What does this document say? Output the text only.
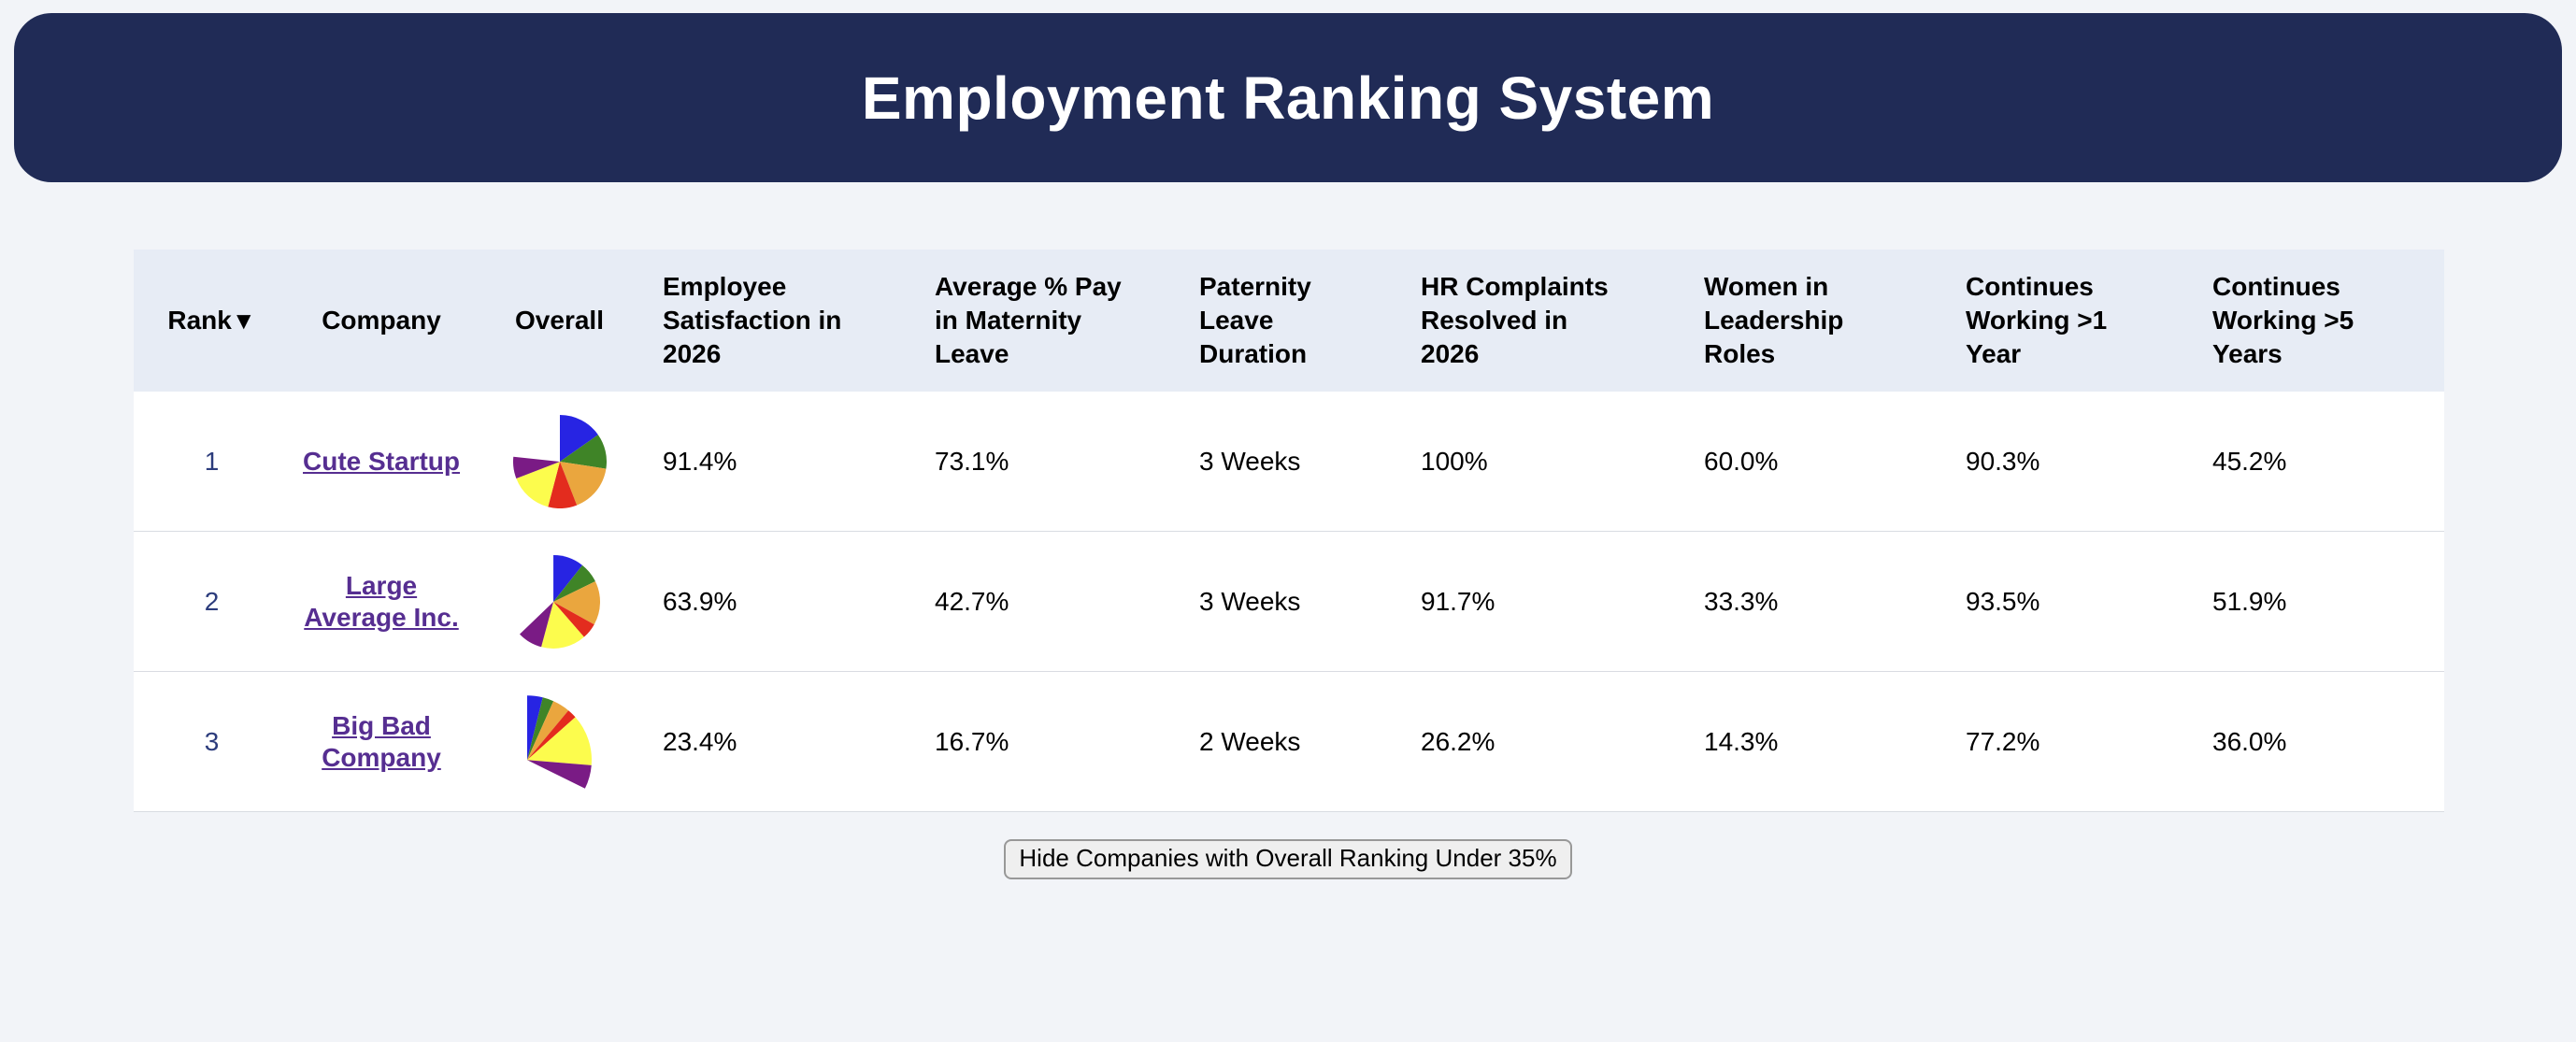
Employment Ranking System
Rank▼	Company	Overall	Employee Satisfaction in 2026	Average % Pay in Maternity Leave	Paternity Leave Duration	HR Complaints Resolved in 2026	Women in Leadership Roles	Continues Working >1 Year	Continues Working >5 Years
1	Cute Startup		91.4%	73.1%	3 Weeks	100%	60.0%	90.3%	45.2%
2	Large Average Inc.		63.9%	42.7%	3 Weeks	91.7%	33.3%	93.5%	51.9%
3	Big Bad Company		23.4%	16.7%	2 Weeks	26.2%	14.3%	77.2%	36.0%
Hide Companies with Overall Ranking Under 35%
